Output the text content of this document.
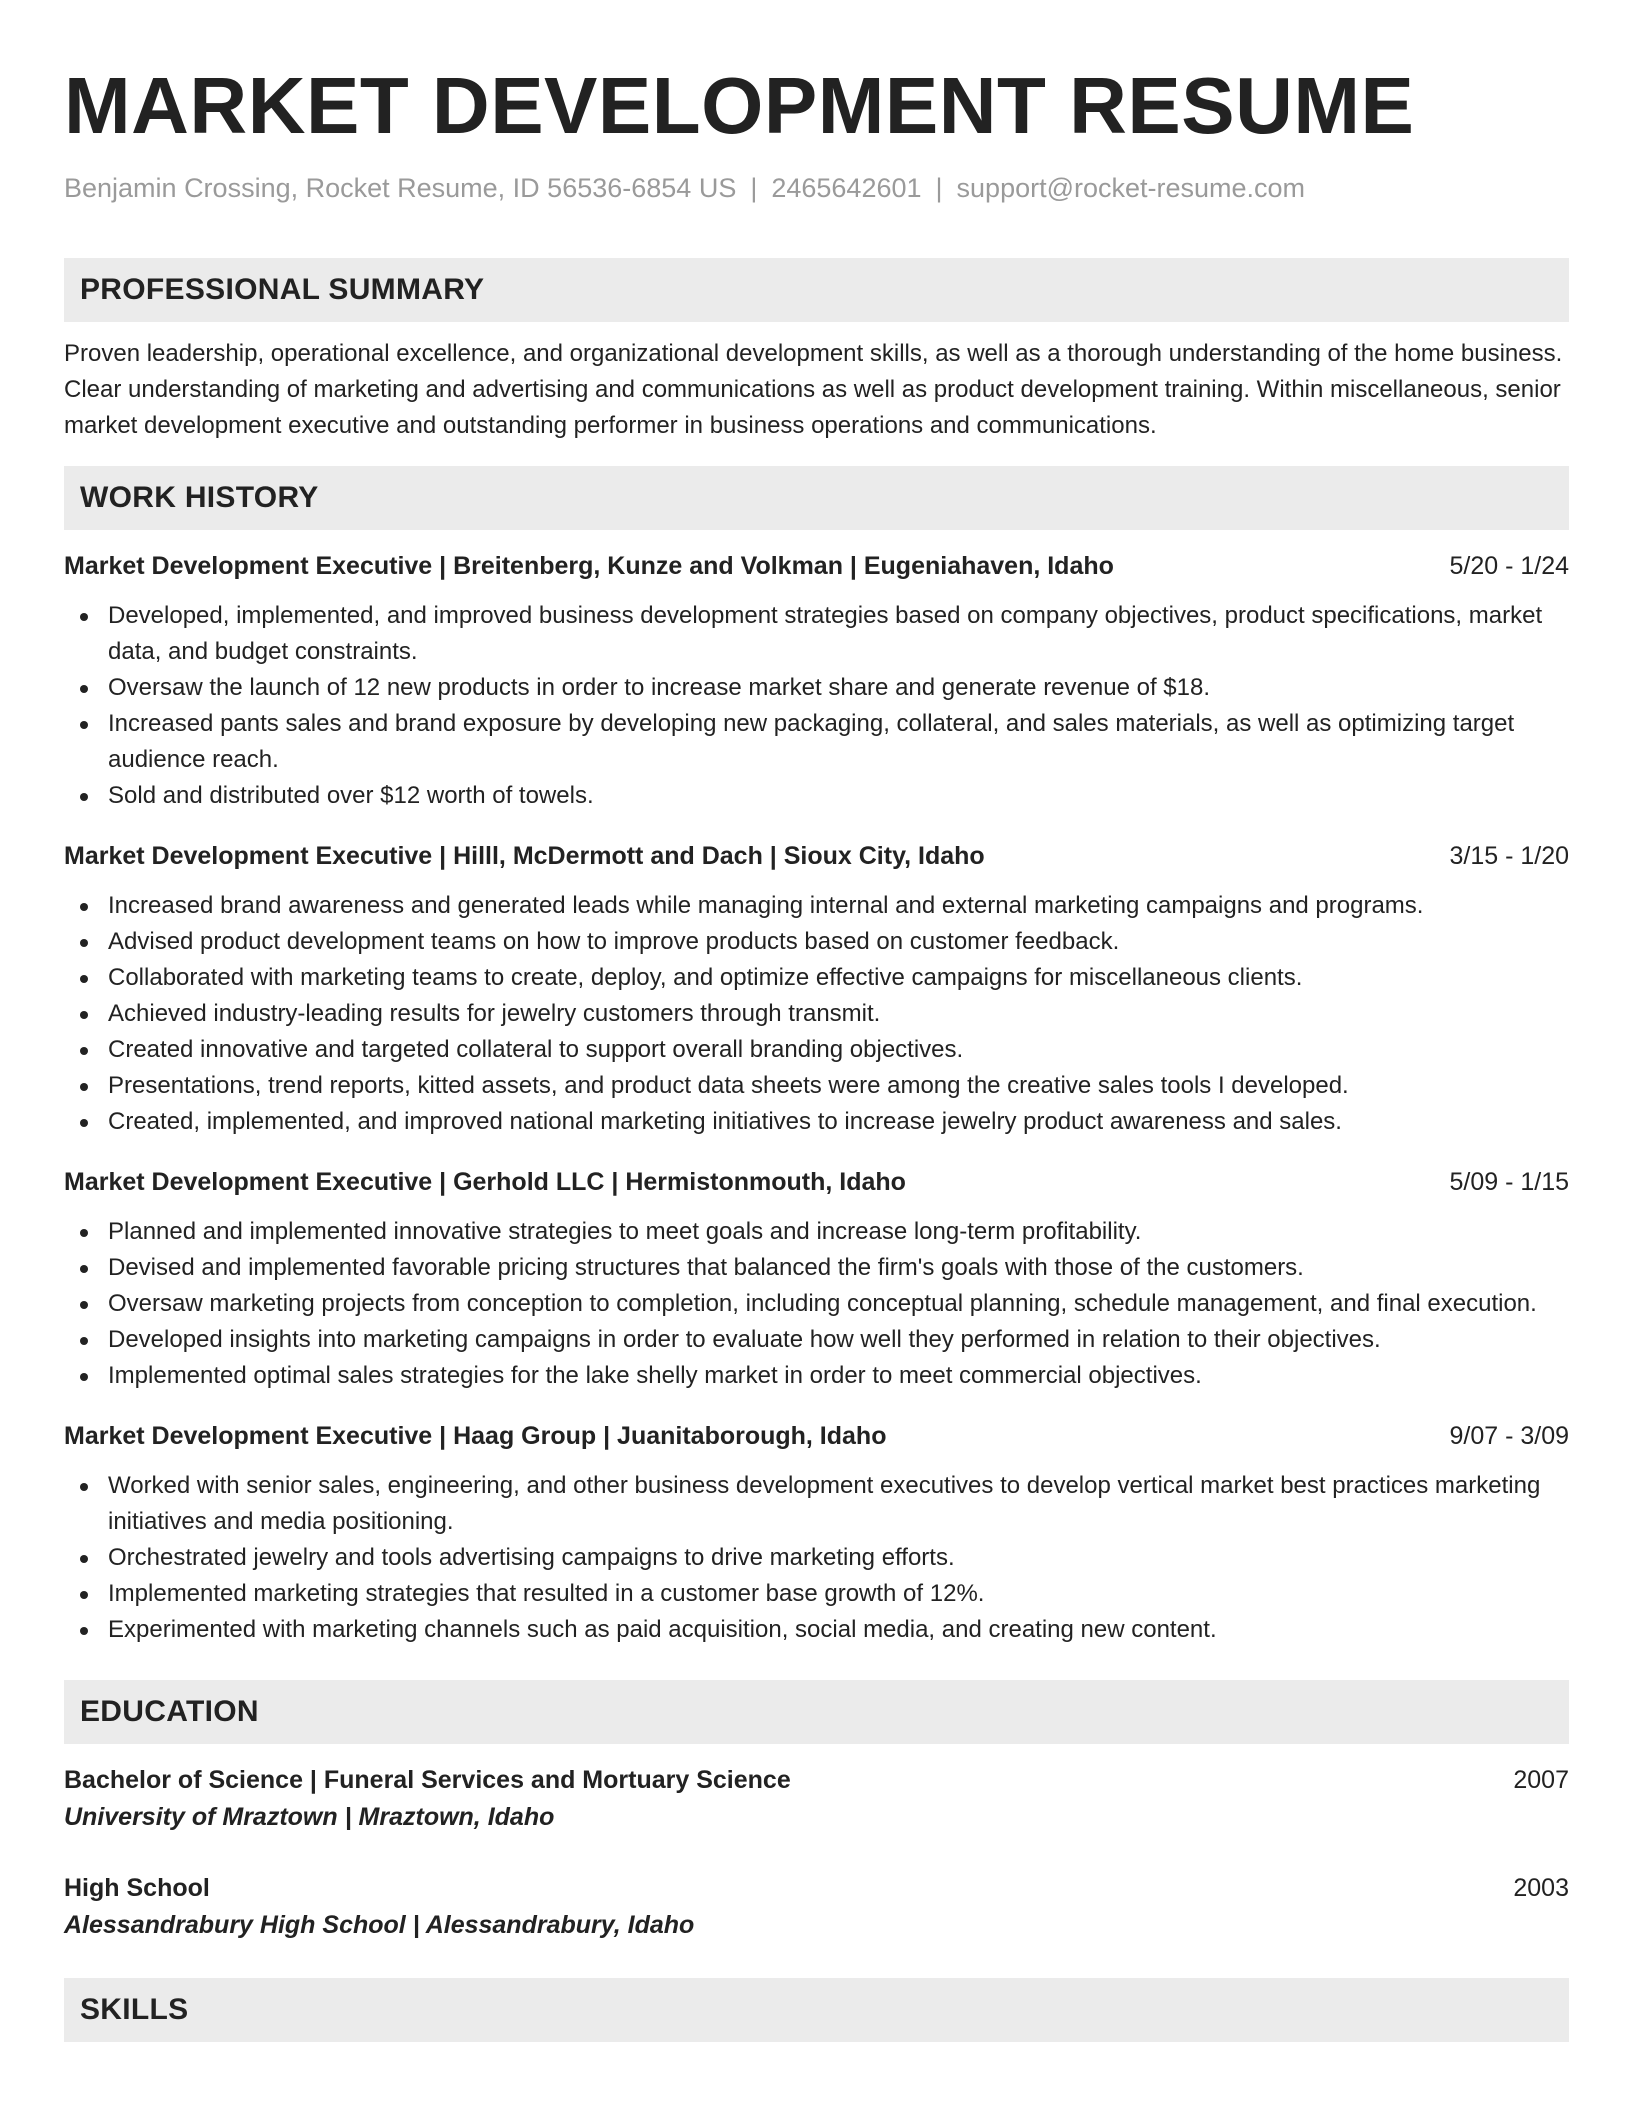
MARKET DEVELOPMENT RESUME
Benjamin Crossing, Rocket Resume, ID 56536-6854 US | 2465642601 | support@rocket-resume.com
PROFESSIONAL SUMMARY
Proven leadership, operational excellence, and organizational development skills, as well as a thorough understanding of the home business. Clear understanding of marketing and advertising and communications as well as product development training. Within miscellaneous, senior market development executive and outstanding performer in business operations and communications.
WORK HISTORY
Market Development Executive | Breitenberg, Kunze and Volkman | Eugeniahaven, Idaho	5/20 - 1/24
Developed, implemented, and improved business development strategies based on company objectives, product specifications, market data, and budget constraints.
Oversaw the launch of 12 new products in order to increase market share and generate revenue of $18.
Increased pants sales and brand exposure by developing new packaging, collateral, and sales materials, as well as optimizing target audience reach.
Sold and distributed over $12 worth of towels.
Market Development Executive | Hilll, McDermott and Dach | Sioux City, Idaho	3/15 - 1/20
Increased brand awareness and generated leads while managing internal and external marketing campaigns and programs.
Advised product development teams on how to improve products based on customer feedback.
Collaborated with marketing teams to create, deploy, and optimize effective campaigns for miscellaneous clients.
Achieved industry-leading results for jewelry customers through transmit.
Created innovative and targeted collateral to support overall branding objectives.
Presentations, trend reports, kitted assets, and product data sheets were among the creative sales tools I developed.
Created, implemented, and improved national marketing initiatives to increase jewelry product awareness and sales.
Market Development Executive | Gerhold LLC | Hermistonmouth, Idaho	5/09 - 1/15
Planned and implemented innovative strategies to meet goals and increase long-term profitability.
Devised and implemented favorable pricing structures that balanced the firm's goals with those of the customers.
Oversaw marketing projects from conception to completion, including conceptual planning, schedule management, and final execution.
Developed insights into marketing campaigns in order to evaluate how well they performed in relation to their objectives.
Implemented optimal sales strategies for the lake shelly market in order to meet commercial objectives.
Market Development Executive | Haag Group | Juanitaborough, Idaho	9/07 - 3/09
Worked with senior sales, engineering, and other business development executives to develop vertical market best practices marketing initiatives and media positioning.
Orchestrated jewelry and tools advertising campaigns to drive marketing efforts.
Implemented marketing strategies that resulted in a customer base growth of 12%.
Experimented with marketing channels such as paid acquisition, social media, and creating new content.
EDUCATION
Bachelor of Science | Funeral Services and Mortuary Science	2007
University of Mraztown | Mraztown, Idaho
High School	2003
Alessandrabury High School | Alessandrabury, Idaho
SKILLS
